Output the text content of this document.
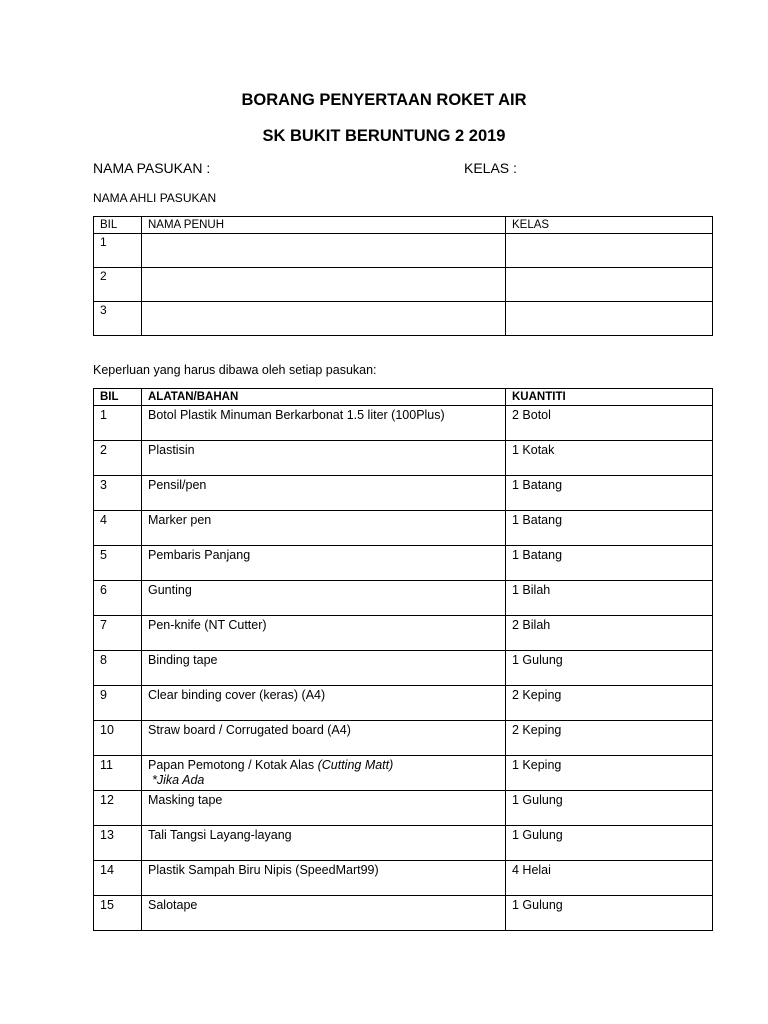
BORANG PENYERTAAN ROKET AIR
SK BUKIT BERUNTUNG 2 2019
NAMA PASUKAN :	KELAS :
NAMA AHLI PASUKAN
BIL	NAMA PENUH	KELAS
1		
2		
3		
Keperluan yang harus dibawa oleh setiap pasukan:
BIL	ALATAN/BAHAN	KUANTITI
1	Botol Plastik Minuman Berkarbonat 1.5 liter (100Plus)	2 Botol
2	Plastisin	1 Kotak
3	Pensil/pen	1 Batang
4	Marker pen	1 Batang
5	Pembaris Panjang	1 Batang
6	Gunting	1 Bilah
7	Pen-knife (NT Cutter)	2 Bilah
8	Binding tape	1 Gulung
9	Clear binding cover (keras) (A4)	2 Keping
10	Straw board / Corrugated board (A4)	2 Keping
11	Papan Pemotong / Kotak Alas (Cutting Matt)
*Jika Ada	1 Keping
12	Masking tape	1 Gulung
13	Tali Tangsi Layang-layang	1 Gulung
14	Plastik Sampah Biru Nipis (SpeedMart99)	4 Helai
15	Salotape	1 Gulung
